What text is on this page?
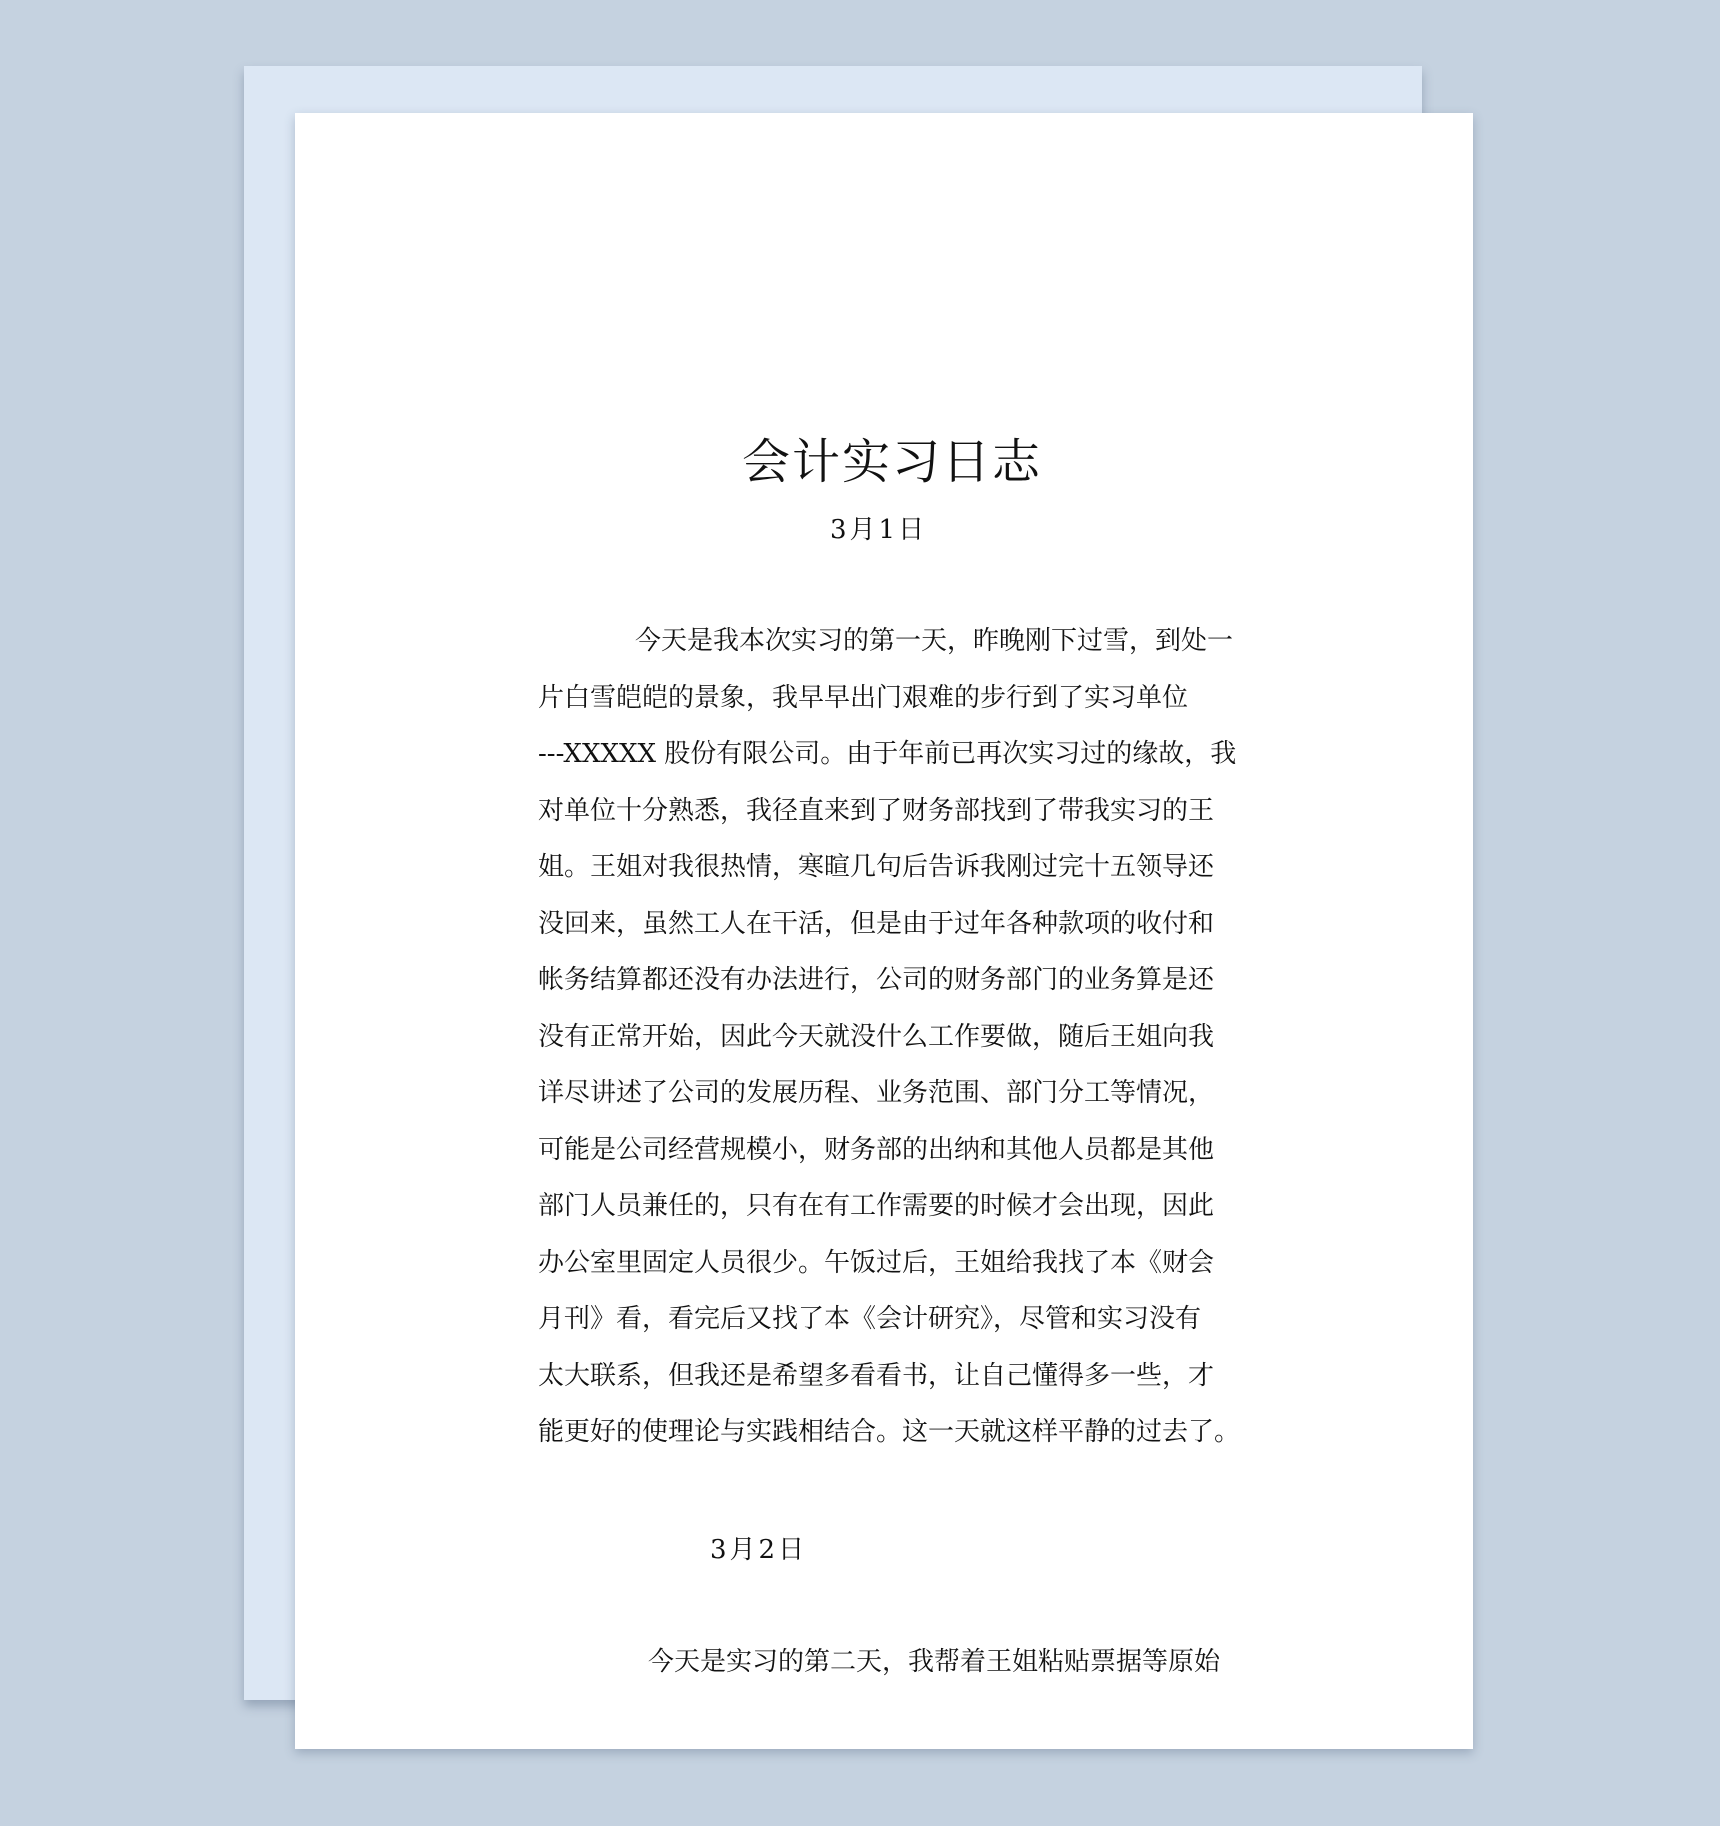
会计实习日志
3月1日
今天是我本次实习的第一天，昨晚刚下过雪，到处一
片白雪皑皑的景象，我早早出门艰难的步行到了实习单位
---XXXXX 股份有限公司。由于年前已再次实习过的缘故，我
对单位十分熟悉，我径直来到了财务部找到了带我实习的王
姐。王姐对我很热情，寒暄几句后告诉我刚过完十五领导还
没回来，虽然工人在干活，但是由于过年各种款项的收付和
帐务结算都还没有办法进行，公司的财务部门的业务算是还
没有正常开始，因此今天就没什么工作要做，随后王姐向我
详尽讲述了公司的发展历程、业务范围、部门分工等情况，
可能是公司经营规模小，财务部的出纳和其他人员都是其他
部门人员兼任的，只有在有工作需要的时候才会出现，因此
办公室里固定人员很少。午饭过后，王姐给我找了本《财会
月刊》看，看完后又找了本《会计研究》，尽管和实习没有
太大联系，但我还是希望多看看书，让自己懂得多一些，才
能更好的使理论与实践相结合。这一天就这样平静的过去了。
3月2日
今天是实习的第二天，我帮着王姐粘贴票据等原始
